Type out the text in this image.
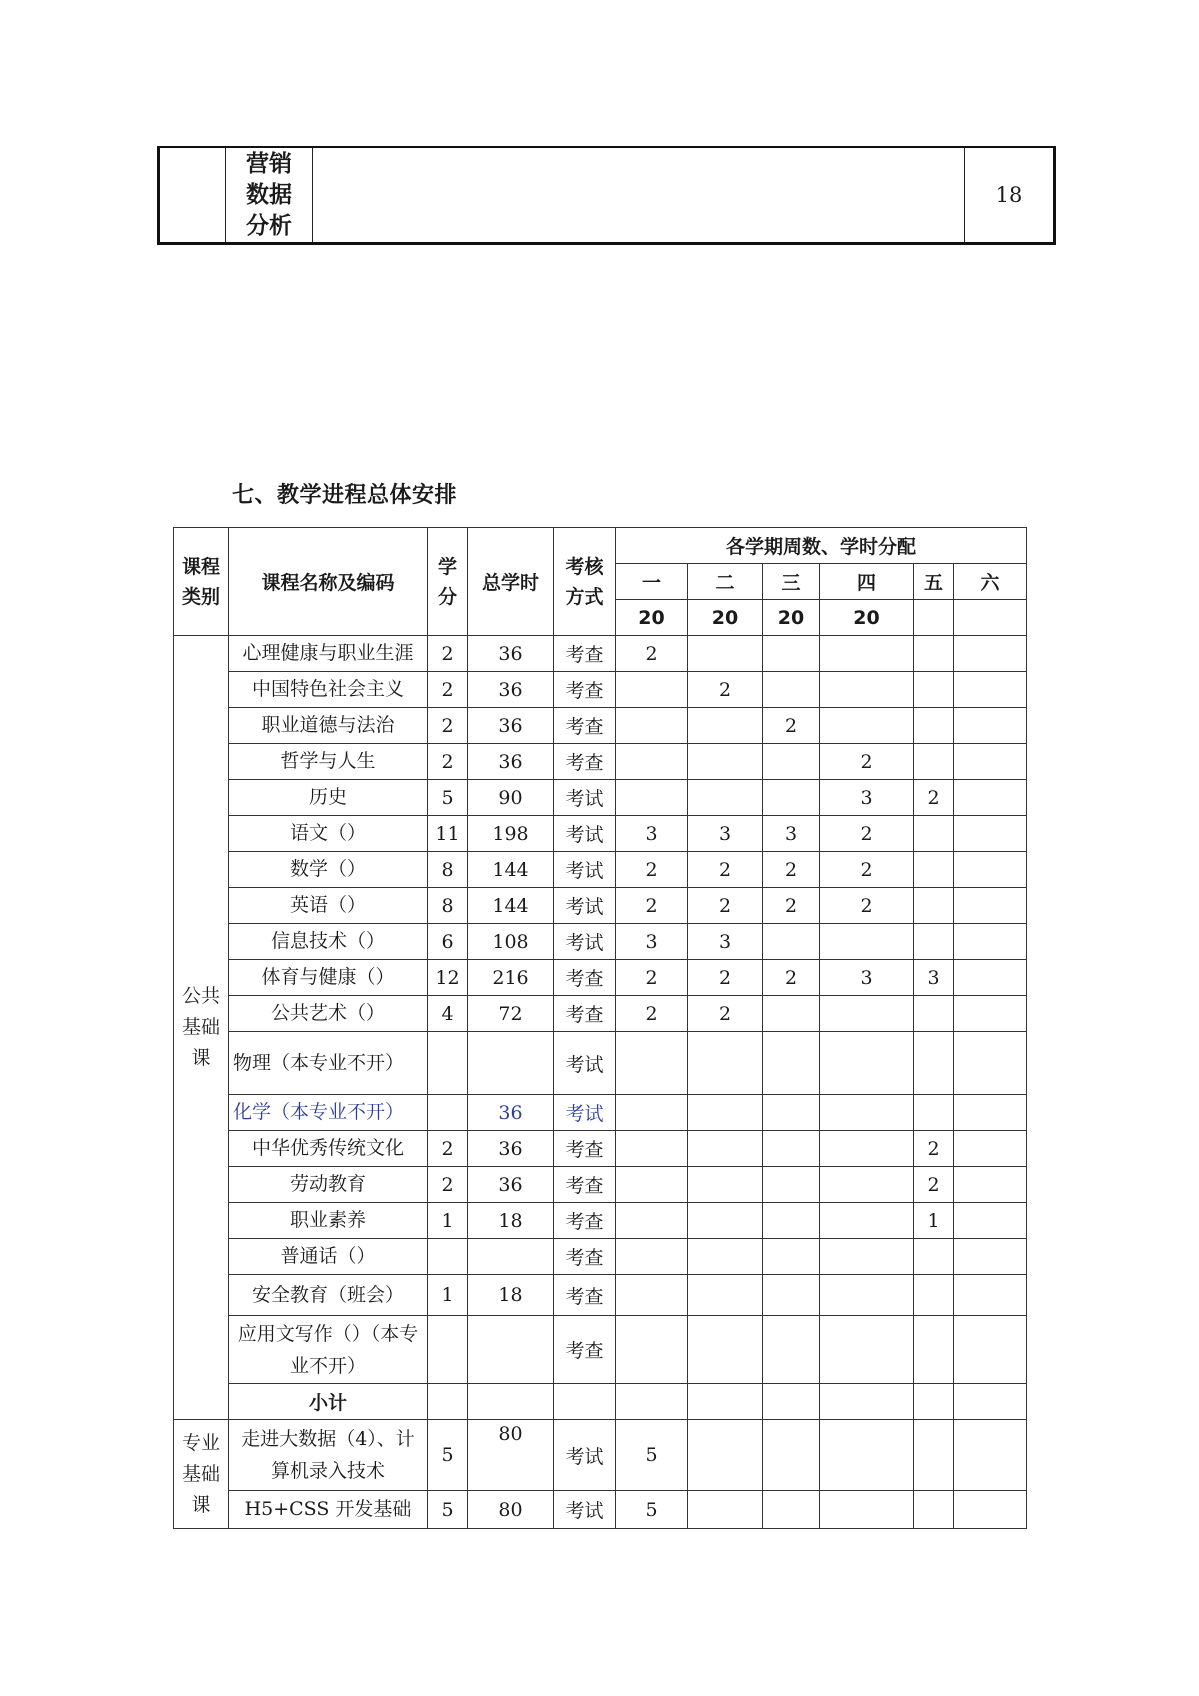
营销数据分析
		18
七、教学进程总体安排
课程类别	课程名称及编码	学分	总学时	考核方式	各学期周数、学时分配					
					一	二	三	四	五	六
					20	20	20	20		

公共
基础
课	心理健康与职业生涯	2	36	考查	2					
	中国特色社会主义	2	36	考查		2				
	职业道德与法治	2	36	考查			2			
	哲学与人生	2	36	考查				2		
	历史	5	90	考试				3	2	
	语文（）	11	198	考试	3	3	3	2		
	数学（）	8	144	考试	2	2	2	2		
	英语（）	8	144	考试	2	2	2	2		
	信息技术（）	6	108	考试	3	3				
	体育与健康（）	12	216	考查	2	2	2	3	3	
	公共艺术（）	4	72	考查	2	2				
	物理（本专业不开）			考试						
	化学（本专业不开）		36	考试						
	中华优秀传统文化	2	36	考查					2	
	劳动教育	2	36	考查					2	
	职业素养	1	18	考查					1	
	普通话（）			考查						
	安全教育（班会）	1	18	考查						
	应用文写作（）（本专业不开）			考查						
	小计									

专业
基础
课	走进大数据（4）、计算机录入技术	5	80	考试	5					
	H5+CSS 开发基础	5	80	考试	5					
